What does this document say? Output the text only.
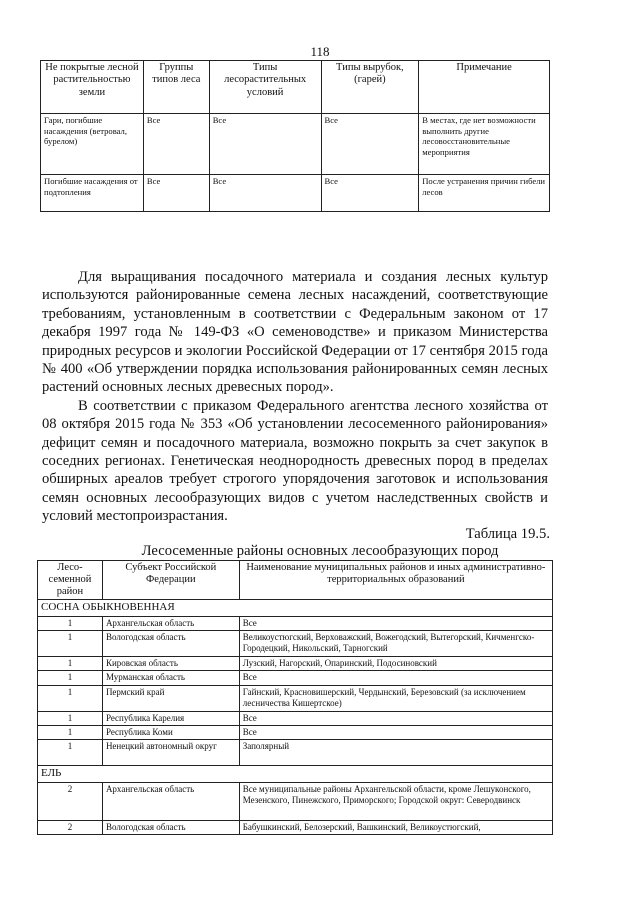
118
Не покрытые лесной растительностью земли	Группы типов леса	Типы лесорастительных условий	Типы вырубок, (гарей)	Примечание
Гари, погибшие насаждения (ветровал, бурелом)	Все	Все	Все	В местах, где нет возможности выполнить другие лесовосстановительные мероприятия
Погибшие насаждения от подтопления	Все	Все	Все	После устранения причин гибели лесов

Для выращивания посадочного материала и создания лесных культур используются районированные семена лесных насаждений, соответствующие требованиям, установленным в соответствии с Федеральным законом от 17 декабря 1997 года № 149-ФЗ «О семеноводстве» и приказом Министерства природных ресурсов и экологии Российской Федерации от 17 сентября 2015 года № 400 «Об утверждении порядка использования районированных семян лесных растений основных лесных древесных пород».

В соответствии с приказом Федерального агентства лесного хозяйства от 08 октября 2015 года № 353 «Об установлении лесосеменного районирования» дефицит семян и посадочного материала, возможно покрыть за счет закупок в соседних регионах. Генетическая неоднородность древесных пород в пределах обширных ареалов требует строгого упорядочения заготовок и использования семян основных лесообразующих видов с учетом наследственных свойств и условий местопроизрастания.

Таблица 19.5.
Лесосеменные районы основных лесообразующих пород
Лесо-семенной район	Субъект Российской Федерации	Наименование муниципальных районов и иных административно-территориальных образований
СОСНА ОБЫКНОВЕННАЯ		
1	Архангельская область	Все
1	Вологодская область	Великоустюгский, Верховажский, Вожегодский, Вытегорский, Кичменгско-Городецкий, Никольский, Тарногский
1	Кировская область	Лузский, Нагорский, Опаринский, Подосиновский
1	Мурманская область	Все
1	Пермский край	Гайнский, Красновишерский, Чердынский, Березовский (за исключением лесничества Кишертское)
1	Республика Карелия	Все
1	Республика Коми	Все
1	Ненецкий автономный округ	Заполярный
ЕЛЬ		
2	Архангельская область	Все муниципальные районы Архангельской области, кроме Лешуконского, Мезенского, Пинежского, Приморского; Городской округ: Северодвинск
2	Вологодская область	Бабушкинский, Белозерский, Вашкинский, Великоустюгский,
